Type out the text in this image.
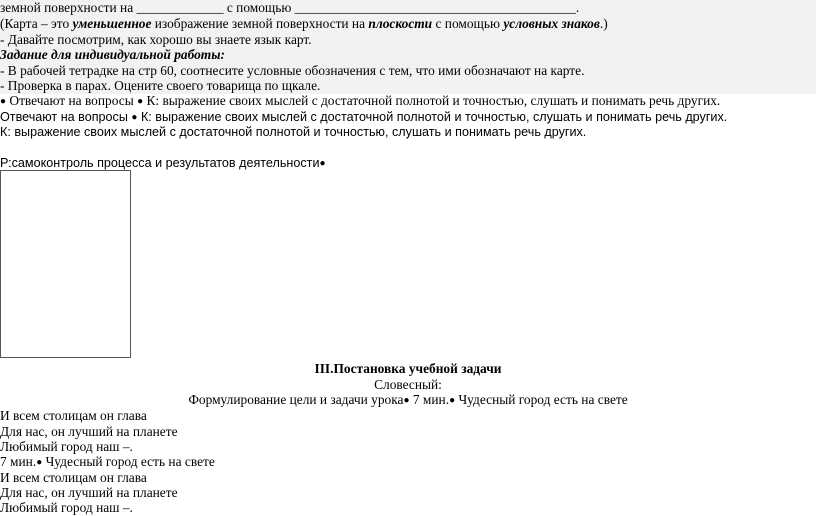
земной поверхности на _____________ с помощью __________________________________________.
(Карта – это уменьшенное изображение земной поверхности на плоскости с помощью условных знаков.)
- Давайте посмотрим, как хорошо вы знаете язык карт.
Задание для индивидуальной работы:
- В рабочей тетрадке на стр 60, соотнесите условные обозначения с тем, что ими обозначают на карте.
- Проверка в парах. Оцените своего товарища по щкале.
● Отвечают на вопросы ● К: выражение своих мыслей с достаточной полнотой и точностью, слушать и понимать речь других.
Отвечают на вопросы ● К: выражение своих мыслей с достаточной полнотой и точностью, слушать и понимать речь других.
К: выражение своих мыслей с достаточной полнотой и точностью, слушать и понимать речь других.
Р:самоконтроль процесса и результатов деятельности●
III.Постановка учебной задачи
Словесный:
Формулирование цели и задачи урока● 7 мин.● Чудесный город есть на свете
И всем столицам он глава
Для нас, он лучший на планете
Любимый город наш –.
7 мин.● Чудесный город есть на свете
И всем столицам он глава
Для нас, он лучший на планете
Любимый город наш –.
